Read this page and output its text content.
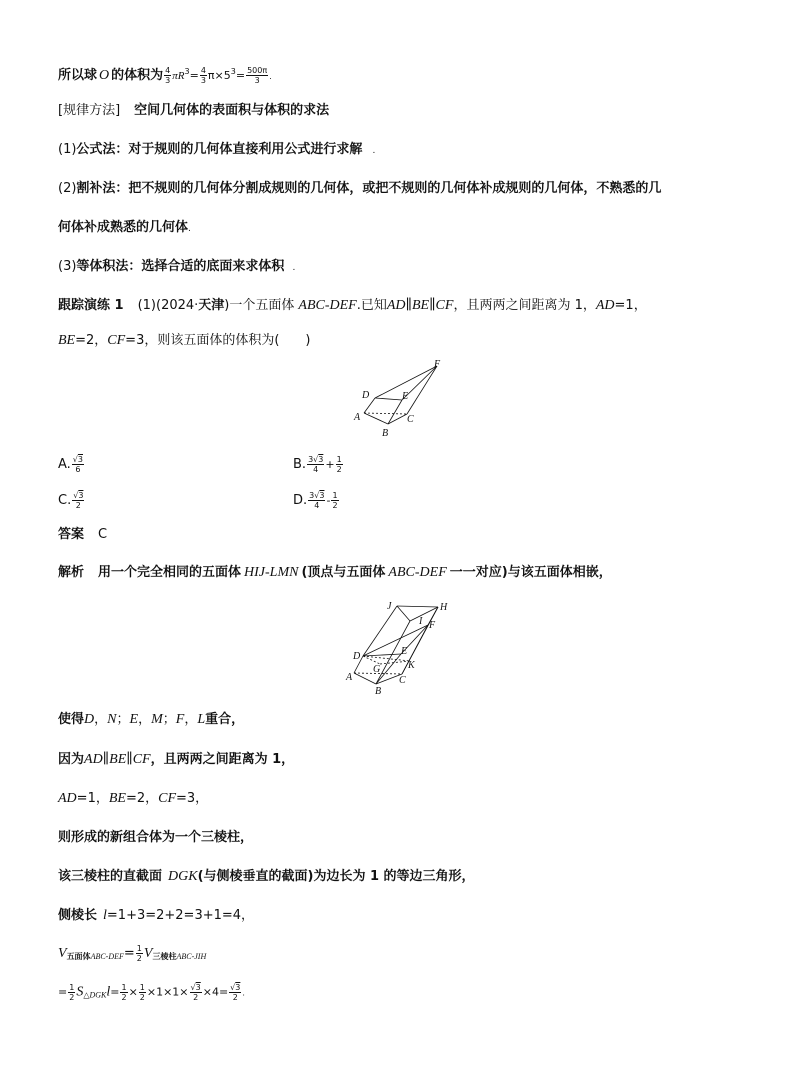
所以球 O 的体积为 $\frac{4}{3} \pi R^3= \frac{4}{3} \pi\times 5^3= \frac{500\pi}{3}$ .
[规律方法] 空间几何体的表面积与体积的求法
(1)公式法：对于规则的几何体直接利用公式进行求解 .
(2)割补法：把不规则的几何体分割成规则的几何体，或把不规则的几何体补成规则的几何体，不熟悉的几
何体补成熟悉的几何体.
(3)等体积法：选择合适的底面来求体积 .
跟踪演练 1 (1)(2024·天津)一个五面体 ABC-DEF.已知AD∥BE∥CF，且两两之间距离为 1，AD=1，
BE=2，CF=3，则该五面体的体积为(　　)
F
D	E
A	C
B
A. $\frac{√3}{6}$	B. $\frac{3√3}{4} + \frac{1}{2}$
C. $\frac{√3}{2}$	D. $\frac{3√3}{4} - \frac{1}{2}$
答案 C
解析 用一个完全相同的五面体 HIJ-LMN (顶点与五面体 ABC-DEF 一一对应)与该五面体相嵌，
J	H
I F
E
D
G	K
A	C
B
使得D，N；E，M；F，L重合，
因为AD∥BE∥CF，且两两之间距离为 1，
AD=1，BE=2，CF=3，
则形成的新组合体为一个三棱柱，
该三棱柱的直截面 DGK(与侧棱垂直的截面)为边长为 1 的等边三角形，
侧棱长 l=1+3=2+2=3+1=4，
$V_{五面体ABC-DEF}= \frac{1}{2} V_{三棱柱ABC-JIH}$
= $\frac{1}{2} S_{\triangle DGK}l= \frac{1}{2} \times \frac{1}{2} \times 1\times 1\times \frac{√3}{2} \times 4= \frac{√3}{2}$ .
